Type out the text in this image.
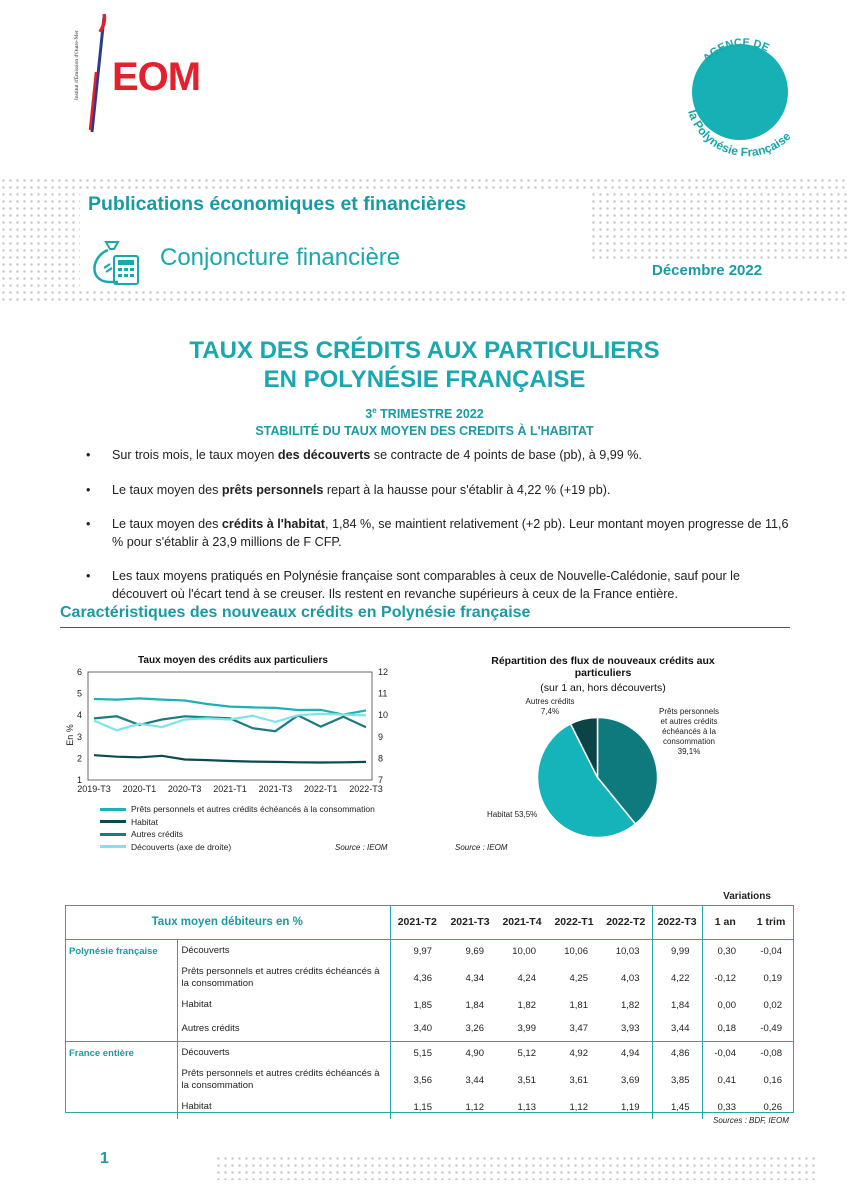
EOM
Institut d'Émission d'Outre-Mer	AGENCE DE
la Polynésie Française
Publications économiques et financières
Conjoncture financière	Décembre 2022
TAUX DES CRÉDITS AUX PARTICULIERS
EN POLYNÉSIE FRANÇAISE
3e TRIMESTRE 2022
STABILITÉ DU TAUX MOYEN DES CREDITS À L'HABITAT
• Sur trois mois, le taux moyen des découverts se contracte de 4 points de base (pb), à 9,99 %.
• Le taux moyen des prêts personnels repart à la hausse pour s'établir à 4,22 % (+19 pb).
• Le taux moyen des crédits à l'habitat, 1,84 %, se maintient relativement (+2 pb). Leur montant moyen progresse de 11,6 % pour s'établir à 23,9 millions de F CFP.
• Les taux moyens pratiqués en Polynésie française sont comparables à ceux de Nouvelle-Calédonie, sauf pour le découvert où l'écart tend à se creuser. Ils restent en revanche supérieurs à ceux de la France entière.
Caractéristiques des nouveaux crédits en Polynésie française
Taux moyen des crédits aux particuliers
En %
1
2
3
4
5
6
7
8
9
10
11
12
2019-T3 2020-T1 2020-T3 2021-T1 2021-T3 2022-T1 2022-T3
Prêts personnels et autres crédits échéancés à la consommation
Habitat
Autres crédits
Découverts (axe de droite)	Source : IEOM
Répartition des flux de nouveaux crédits aux particuliers
(sur 1 an, hors découverts)
Autres crédits
7,4%	Prêts personnels et autres crédits échéancés à la consommation
39,1%
Habitat 53,5%
Source : IEOM
Variations
Taux moyen débiteurs en %		2021-T2	2021-T3	2021-T4	2022-T1	2022-T2	2022-T3	1 an	1 trim
Polynésie française	Découverts	9,97	9,69	10,00	10,06	10,03	9,99	0,30	-0,04
	Prêts personnels et autres crédits échéancés à la consommation	4,36	4,34	4,24	4,25	4,03	4,22	-0,12	0,19
	Habitat	1,85	1,84	1,82	1,81	1,82	1,84	0,00	0,02
	Autres crédits	3,40	3,26	3,99	3,47	3,93	3,44	0,18	-0,49
France entière	Découverts	5,15	4,90	5,12	4,92	4,94	4,86	-0,04	-0,08
	Prêts personnels et autres crédits échéancés à la consommation	3,56	3,44	3,51	3,61	3,69	3,85	0,41	0,16
	Habitat	1,15	1,12	1,13	1,12	1,19	1,45	0,33	0,26
Sources : BDF, IEOM
1
